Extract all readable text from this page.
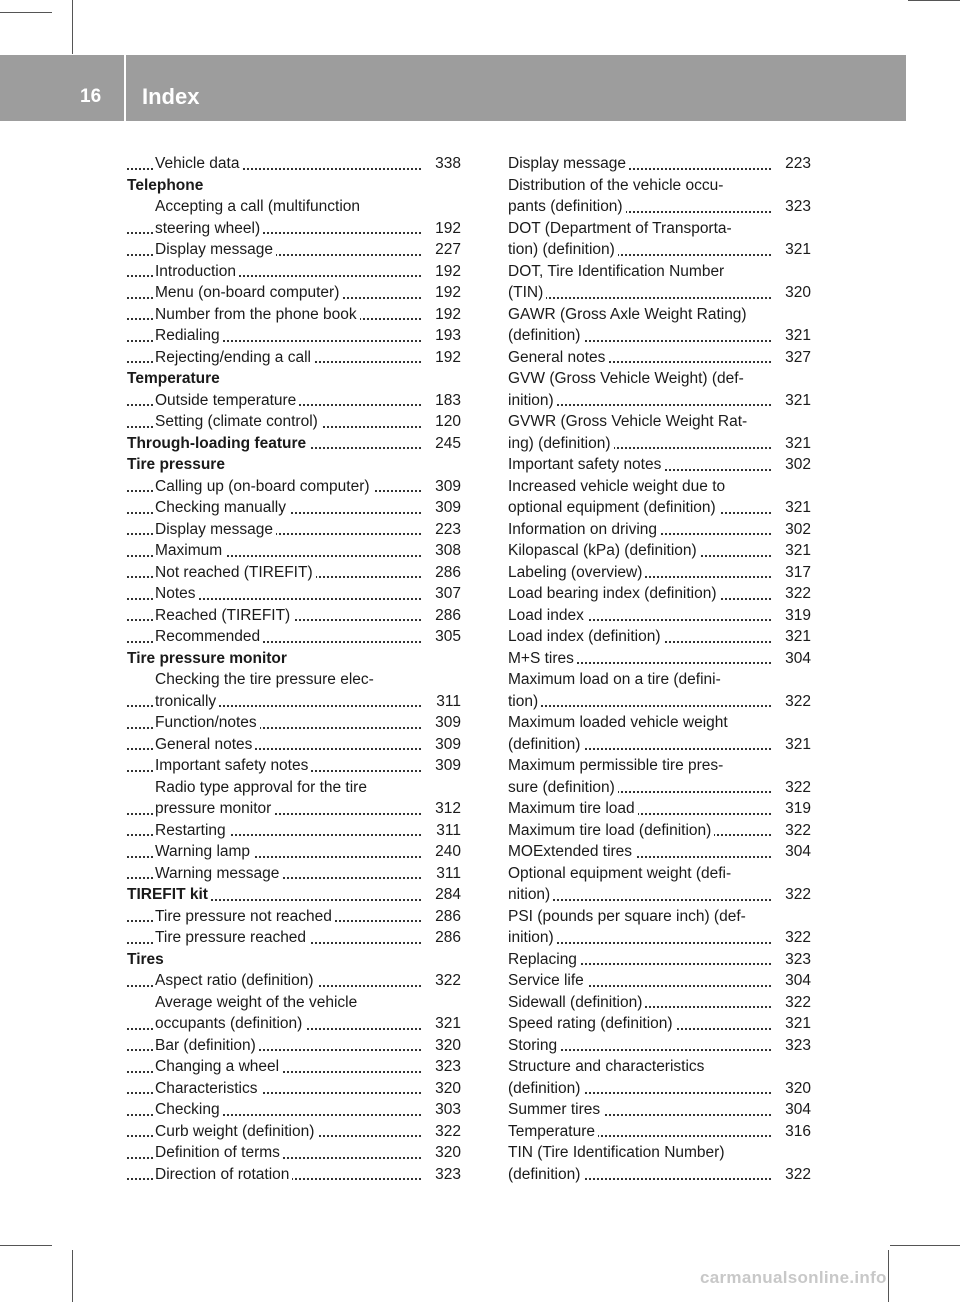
16 Index
Vehicle data	338
Telephone
Accepting a call (multifunction
steering wheel)	192
Display message	227
Introduction	192
Menu (on-board computer)	192
Number from the phone book	192
Redialing	193
Rejecting/ending a call	192
Temperature
Outside temperature	183
Setting (climate control)	120
Through-loading feature	245
Tire pressure
Calling up (on-board computer)	309
Checking manually	309
Display message	223
Maximum	308
Not reached (TIREFIT)	286
Notes	307
Reached (TIREFIT)	286
Recommended	305
Tire pressure monitor
Checking the tire pressure elec-
tronically	311
Function/notes	309
General notes	309
Important safety notes	309
Radio type approval for the tire
pressure monitor	312
Restarting	311
Warning lamp	240
Warning message	311
TIREFIT kit	284
Tire pressure not reached	286
Tire pressure reached	286
Tires
Aspect ratio (definition)	322
Average weight of the vehicle
occupants (definition)	321
Bar (definition)	320
Changing a wheel	323
Characteristics	320
Checking	303
Curb weight (definition)	322
Definition of terms	320
Direction of rotation	323
Display message	223
Distribution of the vehicle occu-
pants (definition)	323
DOT (Department of Transporta-
tion) (definition)	321
DOT, Tire Identification Number
(TIN)	320
GAWR (Gross Axle Weight Rating)
(definition)	321
General notes	327
GVW (Gross Vehicle Weight) (def-
inition)	321
GVWR (Gross Vehicle Weight Rat-
ing) (definition)	321
Important safety notes	302
Increased vehicle weight due to
optional equipment (definition)	321
Information on driving	302
Kilopascal (kPa) (definition)	321
Labeling (overview)	317
Load bearing index (definition)	322
Load index	319
Load index (definition)	321
M+S tires	304
Maximum load on a tire (defini-
tion)	322
Maximum loaded vehicle weight
(definition)	321
Maximum permissible tire pres-
sure (definition)	322
Maximum tire load	319
Maximum tire load (definition)	322
MOExtended tires	304
Optional equipment weight (defi-
nition)	322
PSI (pounds per square inch) (def-
inition)	322
Replacing	323
Service life	304
Sidewall (definition)	322
Speed rating (definition)	321
Storing	323
Structure and characteristics
(definition)	320
Summer tires	304
Temperature	316
TIN (Tire Identification Number)
(definition)	322
carmanualsonline.info
